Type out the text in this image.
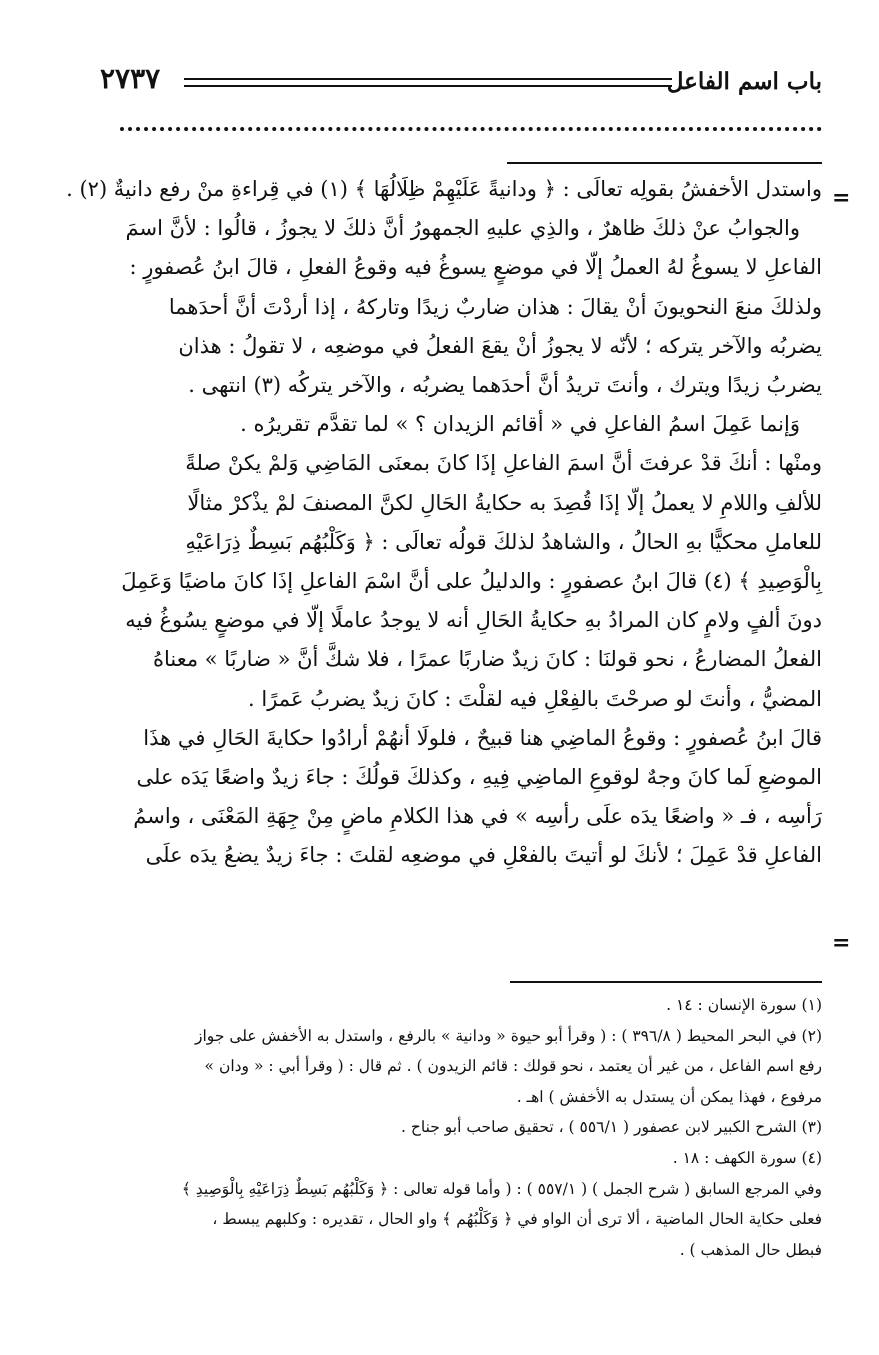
باب اسم الفاعل
٢٧٣٧
=
=
واستدل الأخفشُ بقولِه تعالَى : ﴿ ودانيةً عَلَيْهِمْ ظِلَالُهَا ﴾ (١) في قِراءةِ منْ رفع دانيةٌ (٢) .
والجوابُ عنْ ذلكَ ظاهرٌ ، والذِي عليهِ الجمهورُ أنَّ ذلكَ لا يجوزُ ، قالُوا : لأنَّ اسمَ
الفاعلِ لا يسوغُ لهُ العملُ إلّا في موضعٍ يسوغُ فيه وقوعُ الفعلِ ، قالَ ابنُ عُصفورٍ :
ولذلكَ منعَ النحويونَ أنْ يقالَ : هذان ضاربٌ زيدًا وتاركهُ ، إذا أردْتَ أنَّ أحدَهما
يضربُه والآخر يتركه ؛ لأنّه لا يجوزُ أنْ يقعَ الفعلُ في موضعِه ، لا تقولُ : هذان
يضربُ زيدًا ويترك ، وأنتَ تريدُ أنَّ أحدَهما يضربُه ، والآخر يتركُه (٣) انتهى .
وَإنما عَمِلَ اسمُ الفاعلِ في « أقائم الزيدان ؟ » لما تقدَّم تقريرُه .
ومنْها : أنكَ قدْ عرفتَ أنَّ اسمَ الفاعلِ إذَا كانَ بمعنَى المَاضِي وَلمْ يكنْ صلةً
للألفِ واللامِ لا يعملُ إلّا إذَا قُصِدَ به حكايةُ الحَالِ لكنَّ المصنفَ لمْ يذْكرْ مثالًا
للعاملِ محكيًّا بهِ الحالُ ، والشاهدُ لذلكَ قولُه تعالَى : ﴿ وَكَلْبُهُم بَسِطٌ ذِرَاعَيْهِ
بِالْوَصِيدِ ﴾ (٤) قالَ ابنُ عصفورٍ : والدليلُ على أنَّ اسْمَ الفاعلِ إذَا كانَ ماضيًا وَعَمِلَ
دونَ ألفٍ ولامٍ كان المرادُ بهِ حكايةُ الحَالِ أنه لا يوجدُ عاملًا إلّا في موضعٍ يسُوغُ فيه
الفعلُ المضارعُ ، نحو قولنَا : كانَ زيدٌ ضاربًا عمرًا ، فلا شكَّ أنَّ « ضاربًا » معناهُ
المضيُّ ، وأنتَ لو صرحْتَ بالفِعْلِ فيه لقلْتَ : كانَ زيدٌ يضربُ عَمرًا .
قالَ ابنُ عُصفورٍ : وقوعُ الماضِي هنا قبيحٌ ، فلولَا أنهُمْ أرادُوا حكايةَ الحَالِ في هذَا
الموضعِ لَما كانَ وجهٌ لوقوعِ الماضِي فِيهِ ، وكذلكَ قولُكَ : جاءَ زيدٌ واضعًا يَدَه على
رَأسِه ، فـ « واضعًا يدَه علَى رأسِه » في هذا الكلامِ ماضٍ مِنْ جِهَةِ المَعْنَى ، واسمُ
الفاعلِ قدْ عَمِلَ ؛ لأنكَ لو أتيتَ بالفعْلِ في موضعِه لقلتَ : جاءَ زيدٌ يضعُ يدَه علَى
(١) سورة الإنسان : ١٤ .
(٢) في البحر المحيط ( ٣٩٦/٨ ) : ( وقرأ أبو حيوة « ودانية » بالرفع ، واستدل به الأخفش على جواز
رفع اسم الفاعل ، من غير أن يعتمد ، نحو قولك : قائم الزيدون ) . ثم قال : ( وقرأ أبي : « ودان »
مرفوع ، فهذا يمكن أن يستدل به الأخفش ) اهـ .
(٣) الشرح الكبير لابن عصفور ( ٥٥٦/١ ) ، تحقيق صاحب أبو جناح .
(٤) سورة الكهف : ١٨ .
وفي المرجع السابق ( شرح الجمل ) ( ٥٥٧/١ ) : ( وأما قوله تعالى : ﴿ وَكَلْبُهُم بَسِطٌ ذِرَاعَيْهِ بِالْوَصِيدِ ﴾
فعلى حكاية الحال الماضية ، ألا ترى أن الواو في ﴿ وَكَلْبُهُم ﴾ واو الحال ، تقديره : وكلبهم يبسط ،
فبطل حال المذهب ) .
